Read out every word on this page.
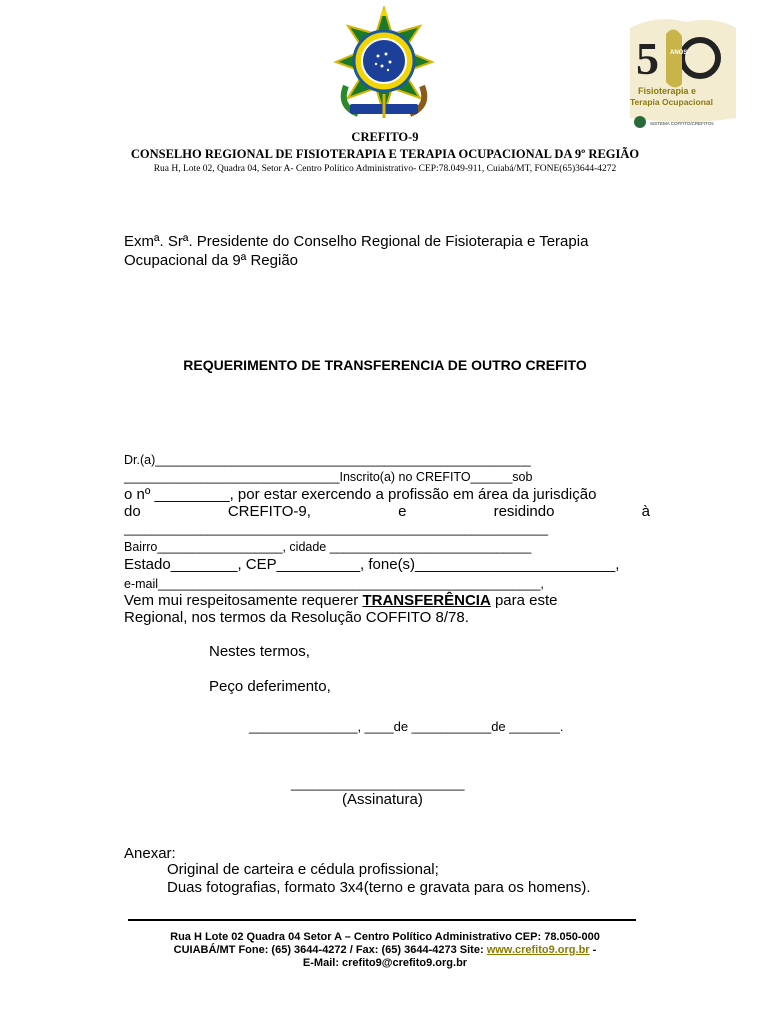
5 ANOS
Fisioterapia e
Terapia Ocupacional
SISTEMA COFFITO/CREFITOs
CREFITO-9
CONSELHO REGIONAL DE FISIOTERAPIA E TERAPIA OCUPACIONAL DA 9º REGIÃO
Rua H, Lote 02, Quadra 04, Setor A- Centro Político Administrativo- CEP:78.049-911, Cuiabá/MT, FONE(65)3644-4272
Exmª. Srª. Presidente do Conselho Regional de Fisioterapia e Terapia
Ocupacional da 9ª Região
REQUERIMENTO DE TRANSFERENCIA DE OUTRO CREFITO
Dr.(a)______________________________________________________
_______________________________Inscrito(a) no CREFITO______sob
o nº _________, por estar exercendo a profissão em área da jurisdição
do	CREFITO-9,	e	residindo	à
_____________________________________________________________
Bairro__________________, cidade _____________________________
Estado________, CEP__________, fone(s)________________________,
e-mail_______________________________________________________,
Vem mui respeitosamente requerer TRANSFERÊNCIA para este
Regional, nos termos da Resolução COFFITO 8/78.
Nestes termos,
Peço deferimento,
_______________, ____de ___________de _______.
________________________
(Assinatura)
Anexar:
Original de carteira e cédula profissional;
Duas fotografias, formato 3x4(terno e gravata para os homens).
Rua H Lote 02 Quadra 04 Setor A – Centro Político Administrativo CEP: 78.050-000
CUIABÁ/MT Fone: (65) 3644-4272 / Fax: (65) 3644-4273 Site: www.crefito9.org.br -
E-Mail: crefito9@crefito9.org.br
